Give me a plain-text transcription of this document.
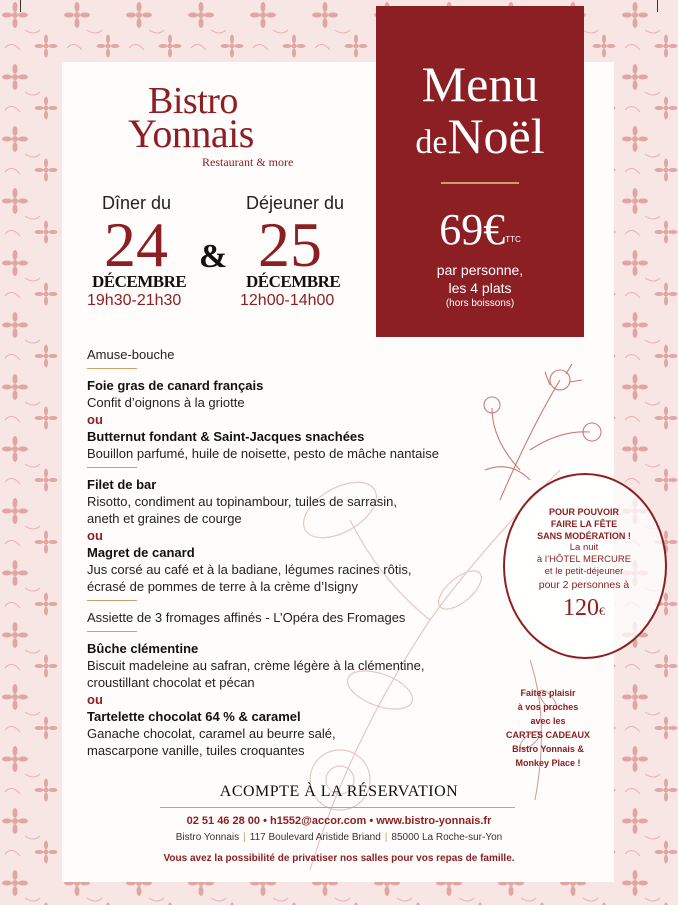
Bistro
Yonnais
Restaurant & more
Menu
deNoël
69€$^{TTC}$
par personne,
les 4 plats
(hors boissons)
Dîner du
24
DÉCEMBRE
19h30-21h30
&
Déjeuner du
25
DÉCEMBRE
12h00-14h00
Amuse-bouche
Foie gras de canard français
Confit d’oignons à la griotte
ou
Butternut fondant & Saint-Jacques snachées
Bouillon parfumé, huile de noisette, pesto de mâche nantaise
Filet de bar
Risotto, condiment au topinambour, tuiles de sarrasin,
aneth et graines de courge
ou
Magret de canard
Jus corsé au café et à la badiane, légumes racines rôtis,
écrasé de pommes de terre à la crème d’Isigny
Assiette de 3 fromages affinés - L’Opéra des Fromages
Bûche clémentine
Biscuit madeleine au safran, crème légère à la clémentine,
croustillant chocolat et pécan
ou
Tartelette chocolat 64 % & caramel
Ganache chocolat, caramel au beurre salé,
mascarpone vanille, tuiles croquantes
POUR POUVOIR
FAIRE LA FÊTE
SANS MODÉRATION !
La nuit
à l’HÔTEL MERCURE
et le petit-déjeuner
pour 2 personnes à
120€
Faites plaisir
à vos proches
avec les
CARTES CADEAUX
Bistro Yonnais &
Monkey Place !
ACOMPTE À LA RÉSERVATION
02 51 46 28 00 • h1552@accor.com • www.bistro-yonnais.fr
Bistro Yonnais | 117 Boulevard Aristide Briand | 85000 La Roche-sur-Yon
Vous avez la possibilité de privatiser nos salles pour vos repas de famille.
